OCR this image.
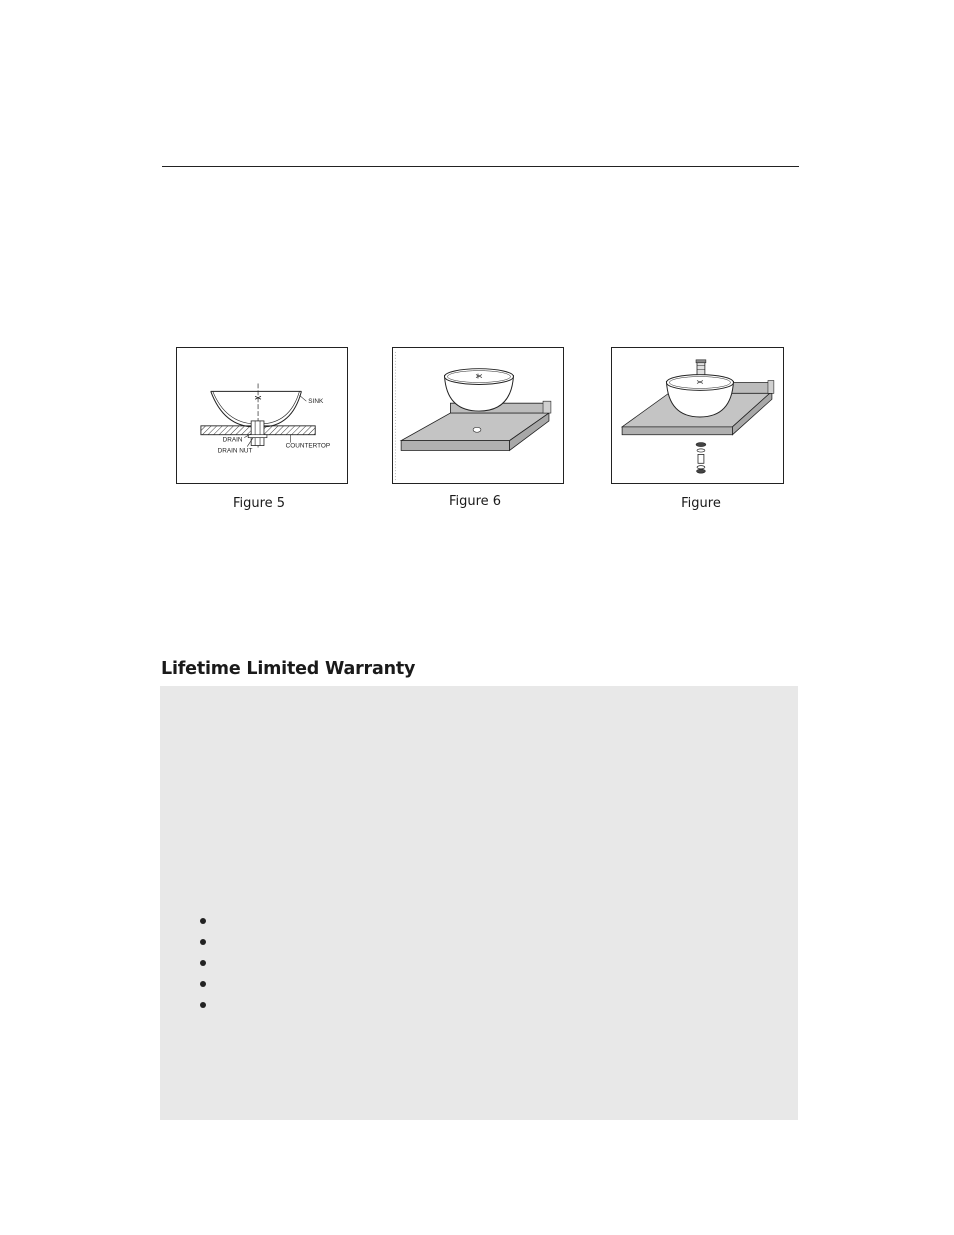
SINK
DRAIN
DRAIN NUT
COUNTERTOP
Figure 5	Figure 6	Figure
Lifetime Limited Warranty
